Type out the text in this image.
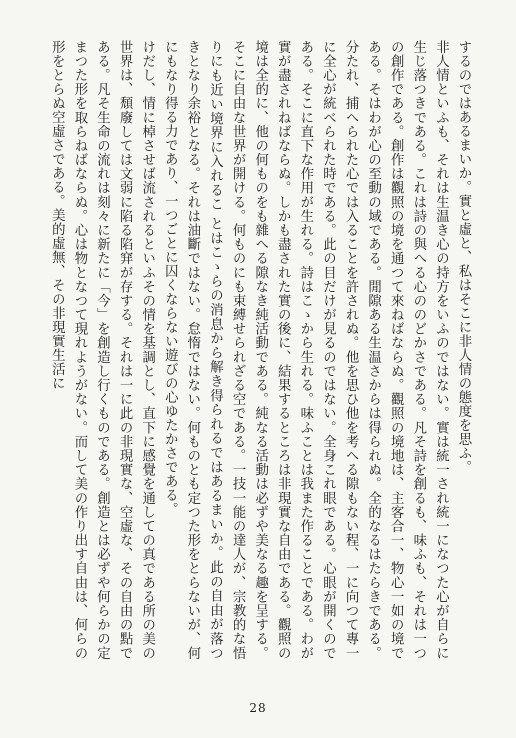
するのではあるまいか。實と虛と、私はそこに非人情の態度を思ふ。

非人情といふも、それは生温き心の持方をいふのではない。實は統一され統一になつた心が自らに生じ落つきである。これは詩の與へる心ののどかさである。凡そ詩を創るも、味ふも、それは一つの創作である。創作は觀照の境を通つて來ねばならぬ。觀照の境地は、主客合一、物心一如の境である。そはわが心の至動の域である。閒隙ある生温さからは得られぬ。全的なるはたらきである。分たれ、捕へられた心では入ることを許されぬ。他を思ひ他を考へる隙もない程、一に向つて專一に全心が統べられた時である。此の目だけが見るのではない。全身これ眼である。心眼が開くのである。そこに直下な作用が生れる。詩はこゝから生れる。味ふことは我また作ることである。わが實が盡されねばならぬ。しかも盡された實の後に、結果するところは非現實な自由である。觀照の境は全的に、他の何ものをも雜へる隙なき純活動である。純なる活動は必ずや美なる趣を呈する。そこに自由な世界が開ける。何ものにも束縛せられざる空である。一技一能の達人が、宗教的な悟りにも近い境界に入れるこ とはこゝらの消息から解き得られるではあるまいか。此の自由が落つきとなり余裕となる。それは油斷ではない。怠惰ではない。何ものとも定つた形をとらないが、何にもなり得る力であり、一つごとに囚くならない遊びの心ゆたかさである。

けだし、情に棹させば流されるといふその情を基調とし、直下に感覺を通しての真である所の美の世界は、頹廢しては文弱に陷る陷穽が存する。それは一に此の非現實な、空虛な、その自由の點である。凡そ生命の流れは刻々に新たに「今」を創造し行くものである。創造とは必ずや何らかの定まつた形を取らねばならぬ。心は物となつて現れようがない。而して美の作り出す自由は、何らの形をとらぬ空虛さである。美的虛無、その非現實生活に

28
